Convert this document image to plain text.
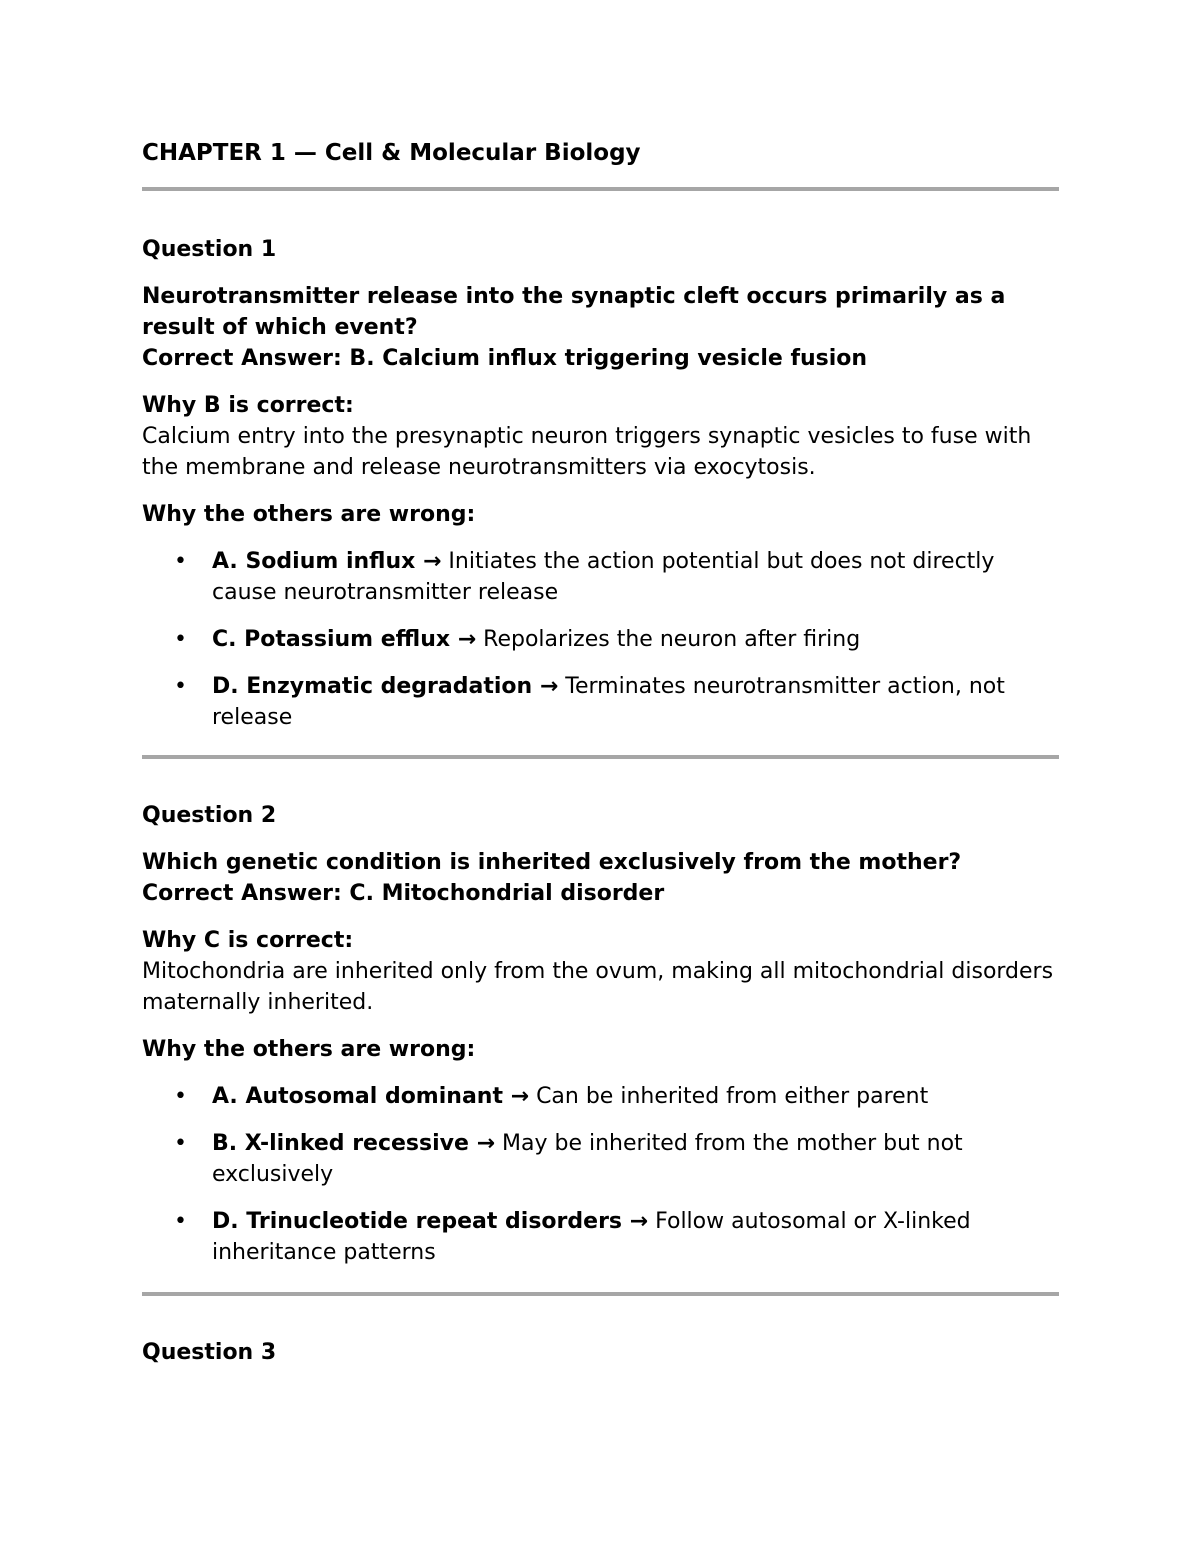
CHAPTER 1 — Cell & Molecular Biology

Question 1

Neurotransmitter release into the synaptic cleft occurs primarily as a result of which event?

Correct Answer: B. Calcium influx triggering vesicle fusion

Why B is correct:

Calcium entry into the presynaptic neuron triggers synaptic vesicles to fuse with the membrane and release neurotransmitters via exocytosis.

Why the others are wrong:

• A. Sodium influx → Initiates the action potential but does not directly cause neurotransmitter release
• C. Potassium efflux → Repolarizes the neuron after firing
• D. Enzymatic degradation → Terminates neurotransmitter action, not release

Question 2

Which genetic condition is inherited exclusively from the mother?

Correct Answer: C. Mitochondrial disorder

Why C is correct:

Mitochondria are inherited only from the ovum, making all mitochondrial disorders maternally inherited.

Why the others are wrong:

• A. Autosomal dominant → Can be inherited from either parent
• B. X-linked recessive → May be inherited from the mother but not exclusively
• D. Trinucleotide repeat disorders → Follow autosomal or X-linked inheritance patterns

Question 3
